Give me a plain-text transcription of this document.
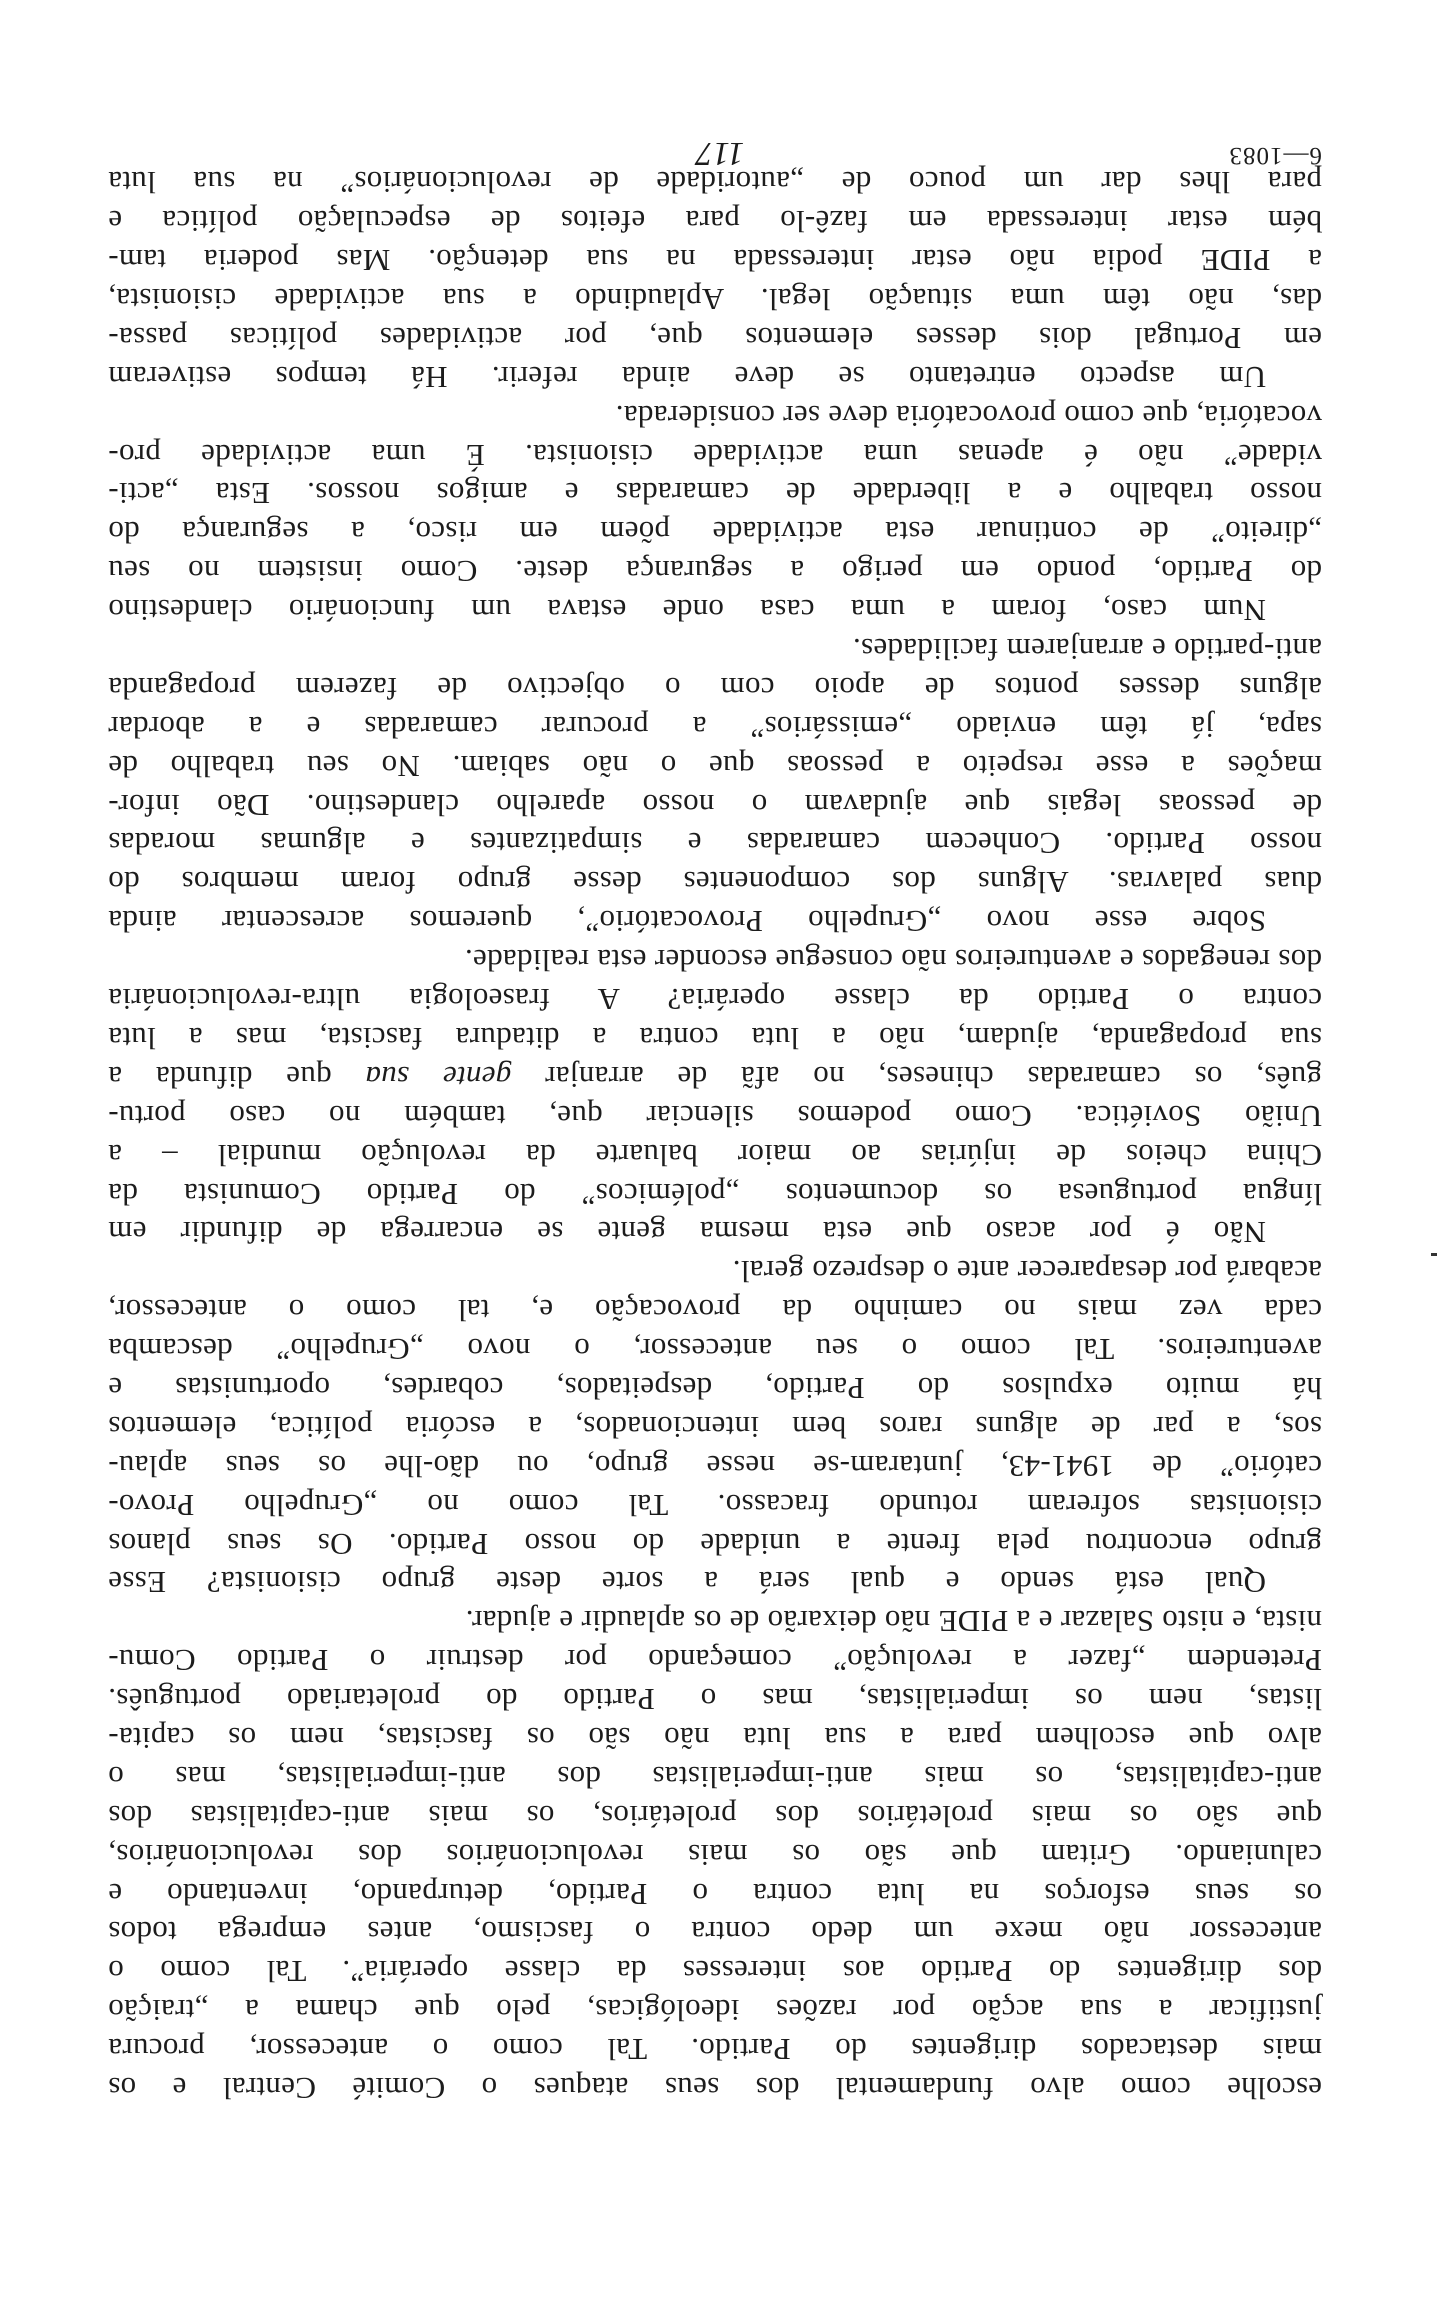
escolhe como alvo fundamental dos seus ataques o Comité Central e os
mais destacados dirigentes do Partido. Tal como o antecessor, procura
justificar a sua acção por razões ideológicas, pelo que chama a „traição
dos dirigentes do Partido aos interesses da classe operária”. Tal como o
antecessor não mexe um dedo contra o fascismo, antes emprega todos
os seus esforços na luta contra o Partido, deturpando, inventando e
caluniando. Gritam que são os mais revolucionários dos revolucionários,
que são os mais proletários dos proletários, os mais anti-capitalistas dos
anti-capitalistas, os mais anti-imperialistas dos anti-imperialistas, mas o
alvo que escolhem para a sua luta não são os fascistas, nem os capita-
listas, nem os imperialistas, mas o Partido do proletariado português.
Pretendem „fazer a revolução” começando por destruir o Partido Comu-
nista, e nisto Salazar e a PIDE não deixarão de os aplaudir e ajudar.
Qual está sendo e qual será a sorte deste grupo cisionista? Esse
grupo encontrou pela frente a unidade do nosso Partido. Os seus planos
cisionistas sofreram rotundo fracasso. Tal como no „Grupelho Provo-
catório” de 1941-43, juntaram-se nesse grupo, ou dão-lhe os seus aplau-
sos, a par de alguns raros bem intencionados, a escória política, elementos
há muito expulsos do Partido, despeitados, cobardes, oportunistas e
aventureiros. Tal como o seu antecessor, o novo „Grupelho” descamba
cada vez mais no caminho da provocação e, tal como o antecessor,
acabará por desaparecer ante o desprezo geral.
Não é por acaso que esta mesma gente se encarrega de difundir em
língua portuguesa os documentos „polémicos” do Partido Comunista da
China cheios de injúrias ao maior baluarte da revolução mundial – a
União Soviética. Como podemos silenciar que, também no caso portu-
guês, os camaradas chineses, no afã de arranjar gente sua que difunda a
sua propaganda, ajudam, não a luta contra a ditadura fascista, mas a luta
contra o Partido da classe operária? A fraseologia ultra-revolucionária
dos renegados e aventureiros não consegue esconder esta realidade.
Sobre esse novo „Grupelho Provocatório”, queremos acrescentar ainda
duas palavras. Alguns dos componentes desse grupo foram membros do
nosso Partido. Conhecem camaradas e simpatizantes e algumas moradas
de pessoas legais que ajudavam o nosso aparelho clandestino. Dão infor-
mações a esse respeito a pessoas que o não sabiam. No seu trabalho de
sapa, já têm enviado „emissários” a procurar camaradas e a abordar
alguns desses pontos de apoio com o objectivo de fazerem propaganda
anti-partido e arranjarem facilidades.
Num caso, foram a uma casa onde estava um funcionário clandestino
do Partido, pondo em perigo a segurança deste. Como insistem no seu
„direito” de continuar esta actividade põem em risco, a segurança do
nosso trabalho e a liberdade de camaradas e amigos nossos. Esta „acti-
vidade” não é apenas uma actividade cisionista. É uma actividade pro-
vocatória, que como provocatória deve ser considerada.
Um aspecto entretanto se deve ainda referir. Há tempos estiveram
em Portugal dois desses elementos que, por actividades políticas passa-
das, não têm uma situação legal. Aplaudindo a sua actividade cisionista,
a PIDE podia não estar interessada na sua detenção. Mas poderia tam-
bém estar interessada em fazê-lo para efeitos de especulação política e
para lhes dar um pouco de „autoridade de revolucionários” na sua luta
117	6—1083
